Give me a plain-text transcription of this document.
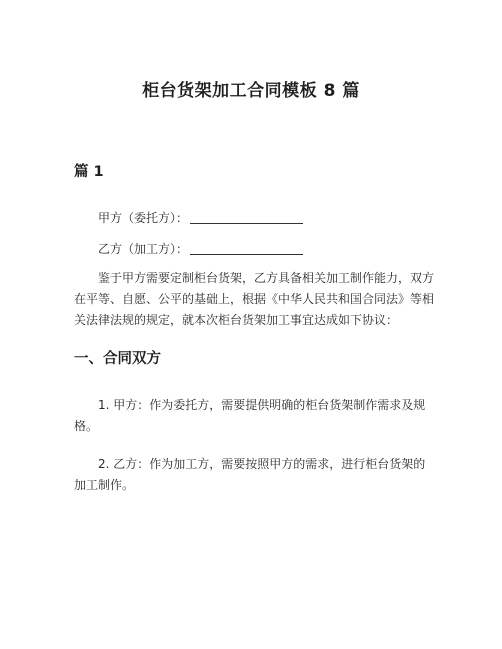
柜台货架加工合同模板 8 篇
篇 1
甲方（委托方）：
乙方（加工方）：
鉴于甲方需要定制柜台货架，乙方具备相关加工制作能力，双方在平等、自愿、公平的基础上，根据《中华人民共和国合同法》等相关法律法规的规定，就本次柜台货架加工事宜达成如下协议：
一、合同双方
1. 甲方：作为委托方，需要提供明确的柜台货架制作需求及规格。
2. 乙方：作为加工方，需要按照甲方的需求，进行柜台货架的加工制作。
